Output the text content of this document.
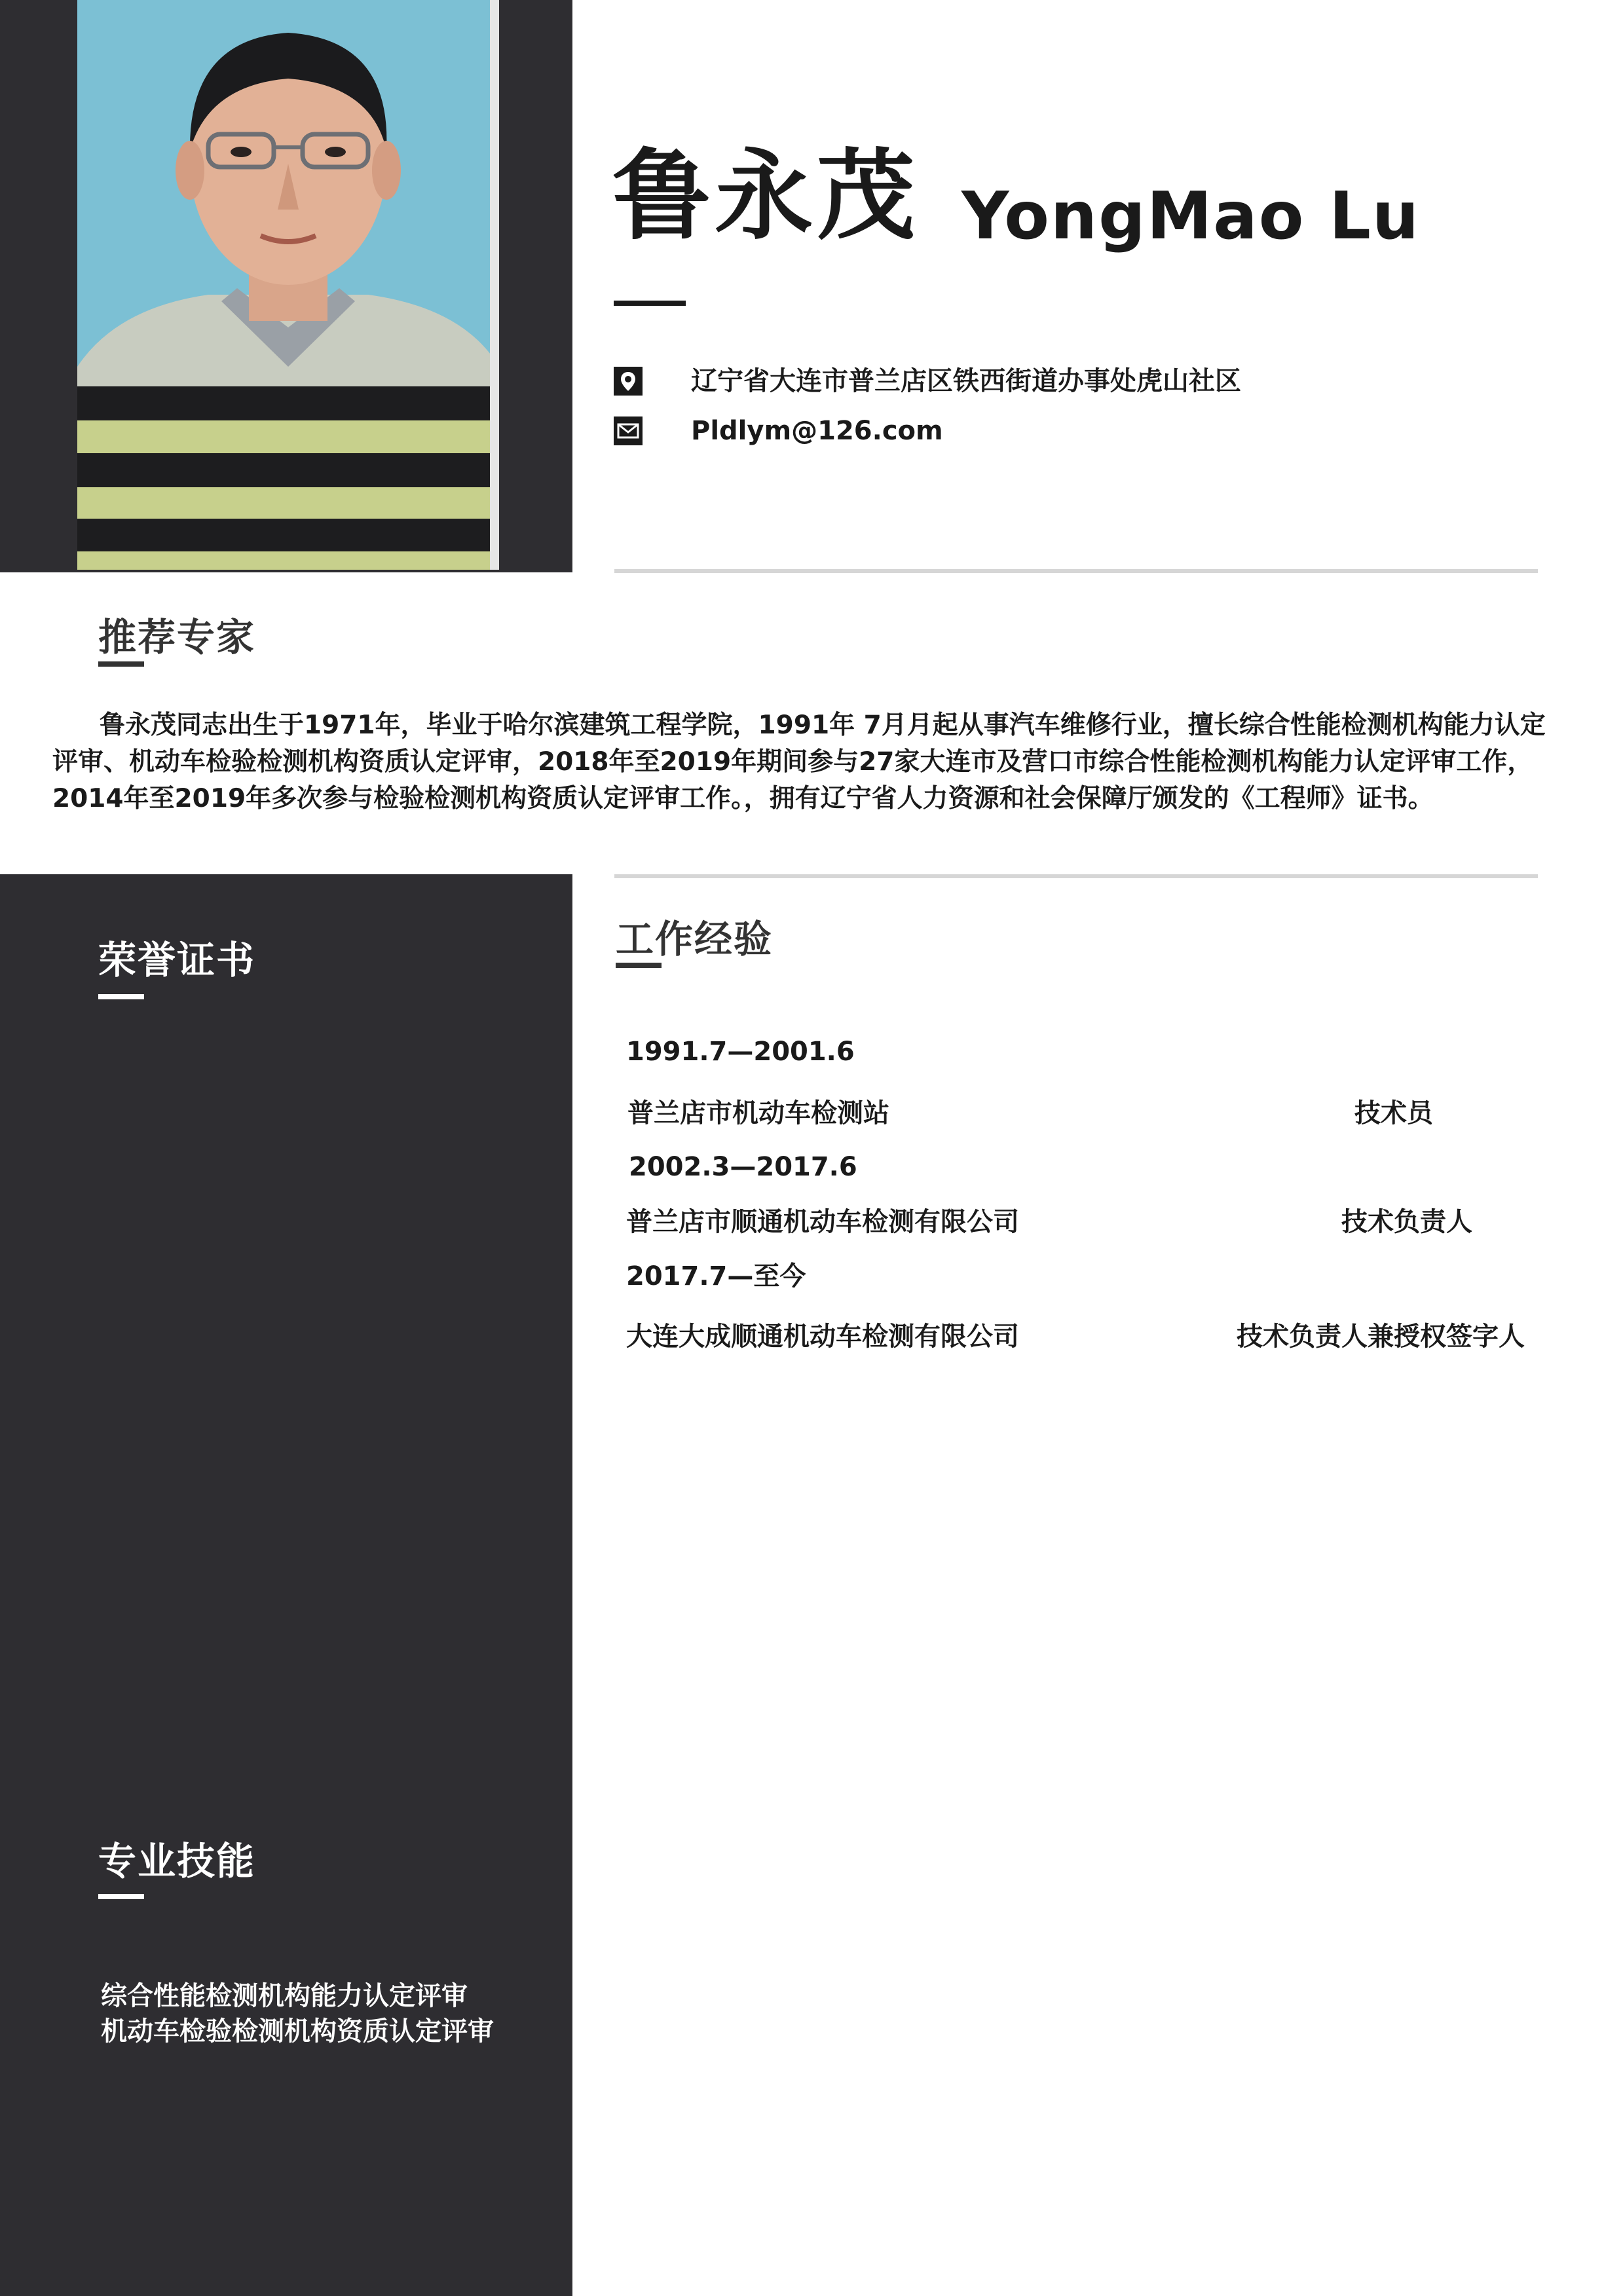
鲁永茂 YongMao Lu
辽宁省大连市普兰店区铁西街道办事处虎山社区
Pldlym@126.com
推荐专家

鲁永茂同志出生于1971年，毕业于哈尔滨建筑工程学院，1991年 7月月起从事汽车维修行业，擅长综合性能检测机构能力认定

评审、机动车检验检测机构资质认定评审，2018年至2019年期间参与27家大连市及营口市综合性能检测机构能力认定评审工作，

2014年至2019年多次参与检验检测机构资质认定评审工作。，拥有辽宁省人力资源和社会保障厅颁发的《工程师》证书。

荣誉证书
专业技能
综合性能检测机构能力认定评审
机动车检验检测机构资质认定评审
工作经验
1991.7—2001.6
普兰店市机动车检测站	技术员
2002.3—2017.6
普兰店市顺通机动车检测有限公司	技术负责人
2017.7—至今
大连大成顺通机动车检测有限公司	技术负责人兼授权签字人
